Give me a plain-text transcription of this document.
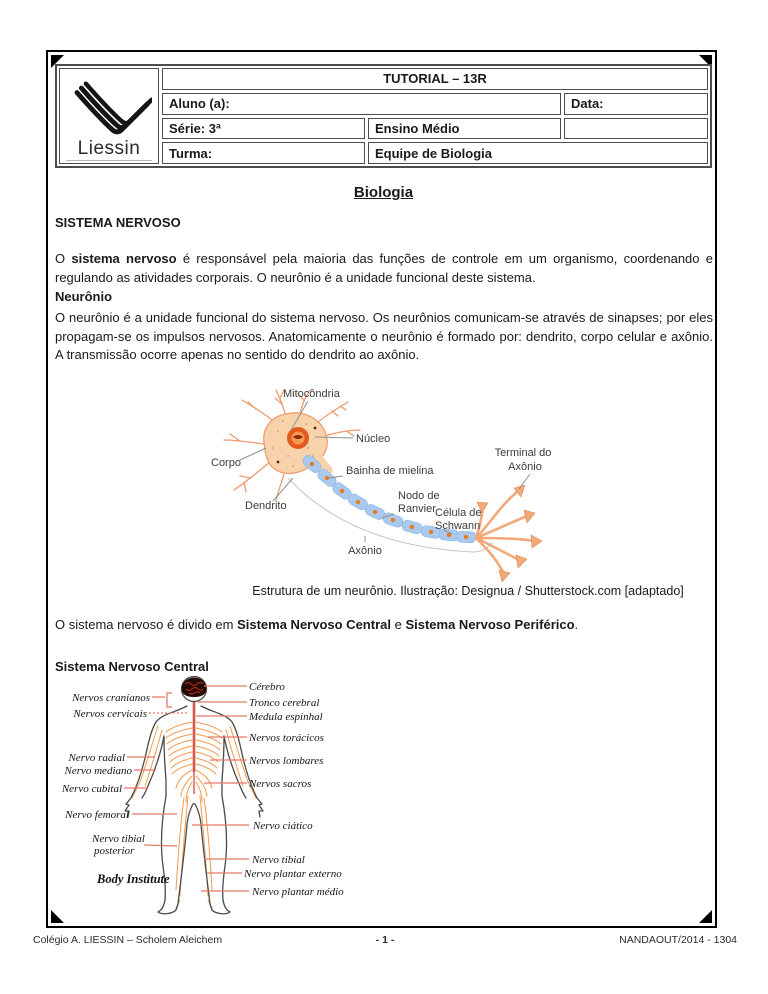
Liessin
TUTORIAL – 13R
Aluno (a):	Data:
Série: 3ª	Ensino Médio
Turma:	Equipe de Biologia
Biologia
SISTEMA NERVOSO
O sistema nervoso é responsável pela maioria das funções de controle em um organismo, coordenando e regulando as atividades corporais. O neurônio é a unidade funcional deste sistema.
Neurônio
O neurônio é a unidade funcional do sistema nervoso. Os neurônios comunicam-se através de sinapses; por eles propagam-se os impulsos nervosos. Anatomicamente o neurônio é formado por: dendrito, corpo celular e axônio. A transmissão ocorre apenas no sentido do dendrito ao axônio.
Mitocôndria
Núcleo
Corpo
Dendrito
Bainha de mielina
Nodo de
Ranvier Célula de
Schwann
Axônio
Terminal do
Axônio
Estrutura de um neurônio. Ilustração: Designua / Shutterstock.com [adaptado]
O sistema nervoso é divido em Sistema Nervoso Central e Sistema Nervoso Periférico.
Sistema Nervoso Central
Nervos cranianos
Nervos cervicais
Nervo radial
Nervo mediano
Nervo cubital
Nervo femoral
Nervo tibial
posterior
Body Institute
Cérebro
Tronco cerebral
Medula espinhal
Nervos torácicos
Nervos lombares
Nervos sacros
Nervo ciático
Nervo tibial
Nervo plantar externo
Nervo plantar médio
Colégio A. LIESSIN – Scholem Aleichem	- 1 -	NANDAOUT/2014 - 1304
